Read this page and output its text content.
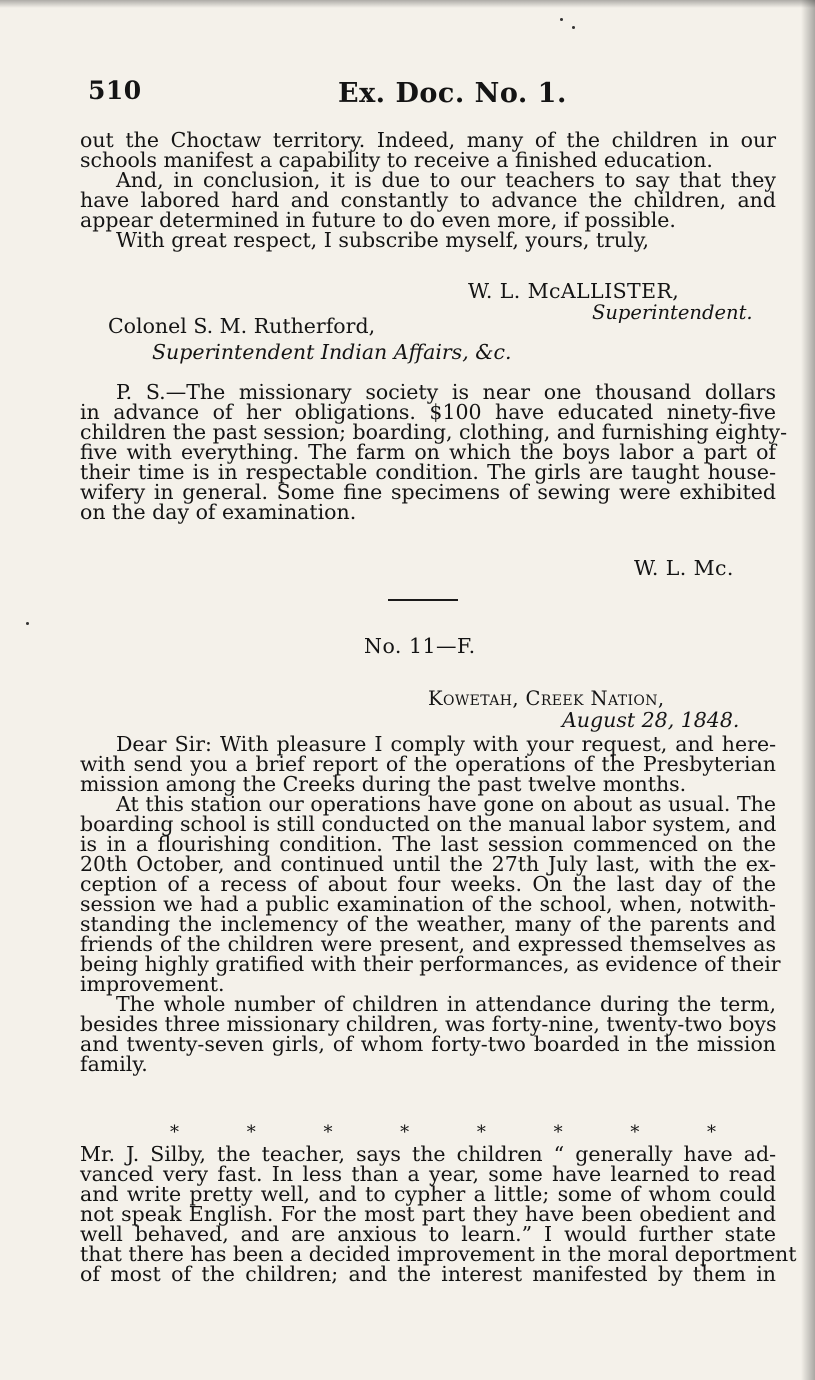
510	Ex. Doc. No. 1.
out the Choctaw territory. Indeed, many of the children in our
schools manifest a capability to receive a finished education.
And, in conclusion, it is due to our teachers to say that they
have labored hard and constantly to advance the children, and
appear determined in future to do even more, if possible.
With great respect, I subscribe myself, yours, truly,
W. L. McALLISTER,
Superintendent.
Colonel S. M. Rutherford,
Superintendent Indian Affairs, &c.
P. S.—The missionary society is near one thousand dollars
in advance of her obligations. $100 have educated ninety-five
children the past session; boarding, clothing, and furnishing eighty-
five with everything. The farm on which the boys labor a part of
their time is in respectable condition. The girls are taught house-
wifery in general. Some fine specimens of sewing were exhibited
on the day of examination.
W. L. Mc.
No. 11—F.
Kowetah, Creek Nation,
August 28, 1848.
Dear Sir: With pleasure I comply with your request, and here-
with send you a brief report of the operations of the Presbyterian
mission among the Creeks during the past twelve months.
At this station our operations have gone on about as usual. The
boarding school is still conducted on the manual labor system, and
is in a flourishing condition. The last session commenced on the
20th October, and continued until the 27th July last, with the ex-
ception of a recess of about four weeks. On the last day of the
session we had a public examination of the school, when, notwith-
standing the inclemency of the weather, many of the parents and
friends of the children were present, and expressed themselves as
being highly gratified with their performances, as evidence of their
improvement.
The whole number of children in attendance during the term,
besides three missionary children, was forty-nine, twenty-two boys
and twenty-seven girls, of whom forty-two boarded in the mission
family.
* * * * * * * *
Mr. J. Silby, the teacher, says the children “ generally have ad-
vanced very fast. In less than a year, some have learned to read
and write pretty well, and to cypher a little; some of whom could
not speak English. For the most part they have been obedient and
well behaved, and are anxious to learn.” I would further state
that there has been a decided improvement in the moral deportment
of most of the children; and the interest manifested by them in
